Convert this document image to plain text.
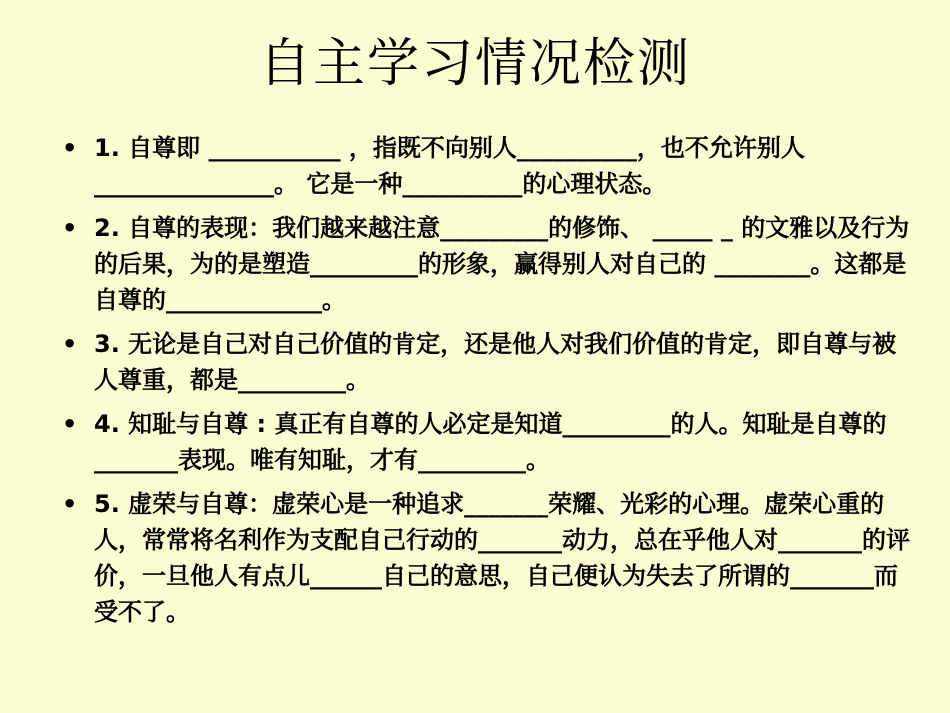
自主学习情况检测
• 1. 自尊即 ___________ ，指既不向别人__________，也不允许别人_______________。 它是一种__________的心理状态。
• 2. 自尊的表现：我们越来越注意_________的修饰、 _____ _ 的文雅以及行为的后果，为的是塑造_________的形象，赢得别人对自己的 ________。这都是自尊的_____________。
• 3. 无论是自己对自己价值的肯定，还是他人对我们价值的肯定，即自尊与被人尊重，都是_________。
• 4. 知耻与自尊 : 真正有自尊的人必定是知道_________的人。知耻是自尊的_______表现。唯有知耻，才有_________。
• 5. 虚荣与自尊：虚荣心是一种追求_______荣耀、光彩的心理。虚荣心重的人，常常将名利作为支配自己行动的_______动力，总在乎他人对_______的评价，一旦他人有点儿______自己的意思，自己便认为失去了所谓的_______而受不了。
